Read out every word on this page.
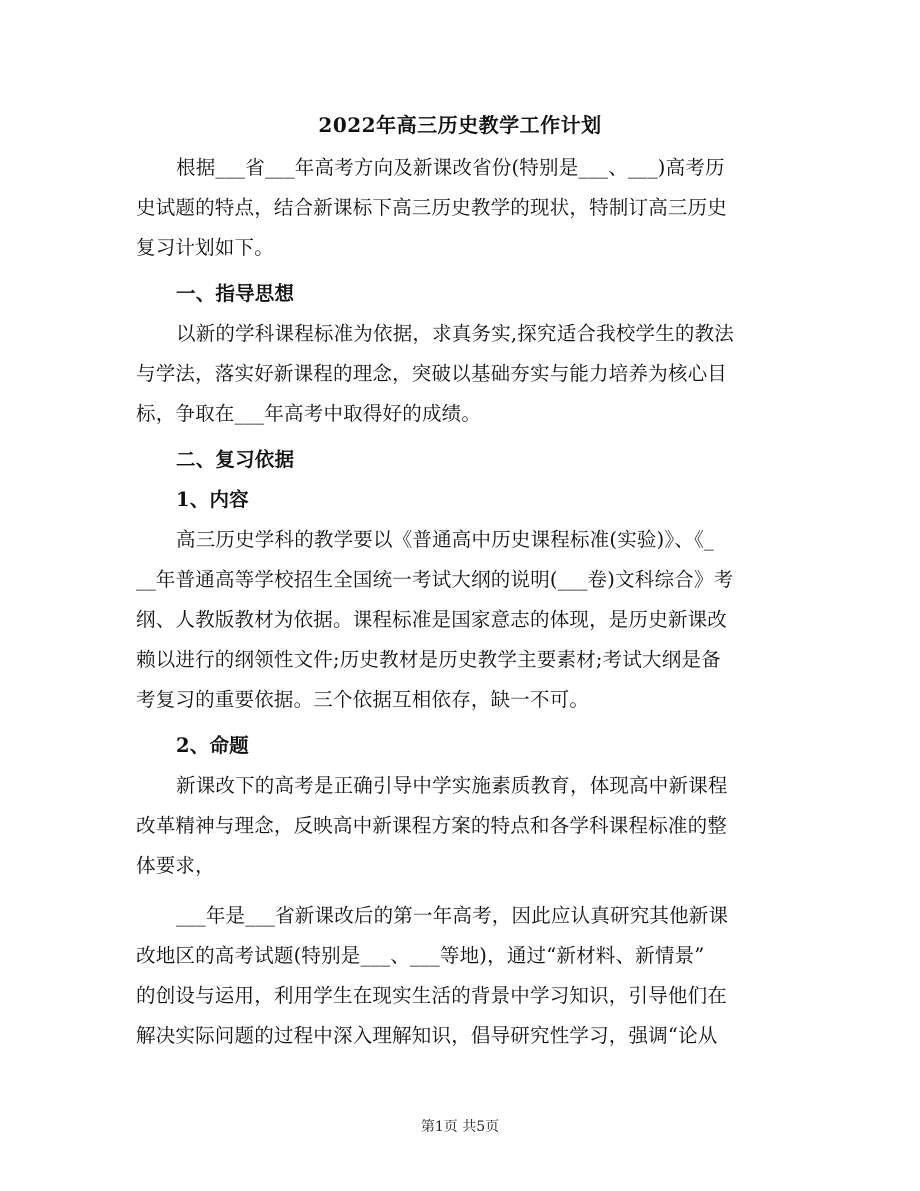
2022年高三历史教学工作计划
根据___省___年高考方向及新课改省份(特别是___、___)高考历
史试题的特点，结合新课标下高三历史教学的现状，特制订高三历史
复习计划如下。
一、指导思想
以新的学科课程标准为依据，求真务实,探究适合我校学生的教法
与学法，落实好新课程的理念，突破以基础夯实与能力培养为核心目
标，争取在___年高考中取得好的成绩。
二、复习依据
1、内容
高三历史学科的教学要以《普通高中历史课程标准(实验)》、《_
__年普通高等学校招生全国统一考试大纲的说明(___卷)文科综合》考
纲、人教版教材为依据。课程标准是国家意志的体现，是历史新课改
赖以进行的纲领性文件;历史教材是历史教学主要素材;考试大纲是备
考复习的重要依据。三个依据互相依存，缺一不可。
2、命题
新课改下的高考是正确引导中学实施素质教育，体现高中新课程
改革精神与理念，反映高中新课程方案的特点和各学科课程标准的整
体要求，
___年是___省新课改后的第一年高考，因此应认真研究其他新课
改地区的高考试题(特别是___、___等地)，通过“新材料、新情景”
的创设与运用，利用学生在现实生活的背景中学习知识，引导他们在
解决实际问题的过程中深入理解知识，倡导研究性学习，强调“论从
第1页 共5页
